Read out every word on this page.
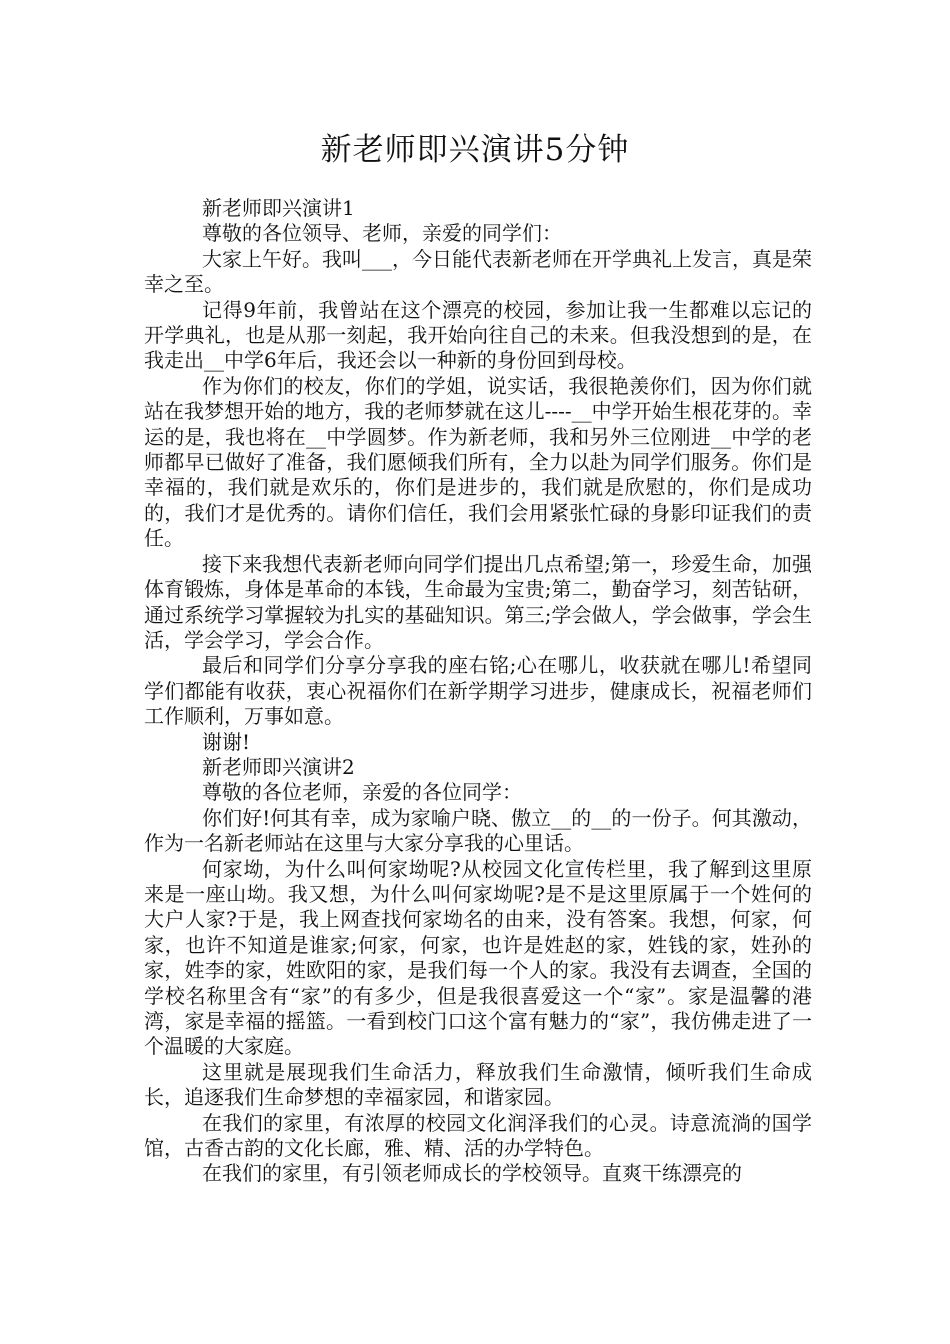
新老师即兴演讲5分钟

新老师即兴演讲1

尊敬的各位领导、老师，亲爱的同学们：

大家上午好。我叫___，今日能代表新老师在开学典礼上发言，真是荣幸之至。

记得9年前，我曾站在这个漂亮的校园，参加让我一生都难以忘记的开学典礼，也是从那一刻起，我开始向往自己的未来。但我没想到的是，在我走出__中学6年后，我还会以一种新的身份回到母校。

作为你们的校友，你们的学姐，说实话，我很艳羡你们，因为你们就站在我梦想开始的地方，我的老师梦就在这儿----__中学开始生根花芽的。幸运的是，我也将在__中学圆梦。作为新老师，我和另外三位刚进__中学的老师都早已做好了准备，我们愿倾我们所有，全力以赴为同学们服务。你们是幸福的，我们就是欢乐的，你们是进步的，我们就是欣慰的，你们是成功的，我们才是优秀的。请你们信任，我们会用紧张忙碌的身影印证我们的责任。

接下来我想代表新老师向同学们提出几点希望;第一，珍爱生命，加强体育锻炼，身体是革命的本钱，生命最为宝贵;第二，勤奋学习，刻苦钻研，通过系统学习掌握较为扎实的基础知识。第三;学会做人，学会做事，学会生活，学会学习，学会合作。

最后和同学们分享分享我的座右铭;心在哪儿，收获就在哪儿!希望同学们都能有收获，衷心祝福你们在新学期学习进步，健康成长，祝福老师们工作顺利，万事如意。

谢谢!

新老师即兴演讲2

尊敬的各位老师，亲爱的各位同学：

你们好!何其有幸，成为家喻户晓、傲立__的__的一份子。何其激动，作为一名新老师站在这里与大家分享我的心里话。

何家坳，为什么叫何家坳呢?从校园文化宣传栏里，我了解到这里原来是一座山坳。我又想，为什么叫何家坳呢?是不是这里原属于一个姓何的大户人家?于是，我上网查找何家坳名的由来，没有答案。我想，何家，何家，也许不知道是谁家;何家，何家，也许是姓赵的家，姓钱的家，姓孙的家，姓李的家，姓欧阳的家，是我们每一个人的家。我没有去调查，全国的学校名称里含有“家”的有多少，但是我很喜爱这一个“家”。家是温馨的港湾，家是幸福的摇篮。一看到校门口这个富有魅力的“家”，我仿佛走进了一个温暖的大家庭。

这里就是展现我们生命活力，释放我们生命激情，倾听我们生命成长，追逐我们生命梦想的幸福家园，和谐家园。

在我们的家里，有浓厚的校园文化润泽我们的心灵。诗意流淌的国学馆，古香古韵的文化长廊，雅、精、活的办学特色。

在我们的家里，有引领老师成长的学校领导。直爽干练漂亮的
